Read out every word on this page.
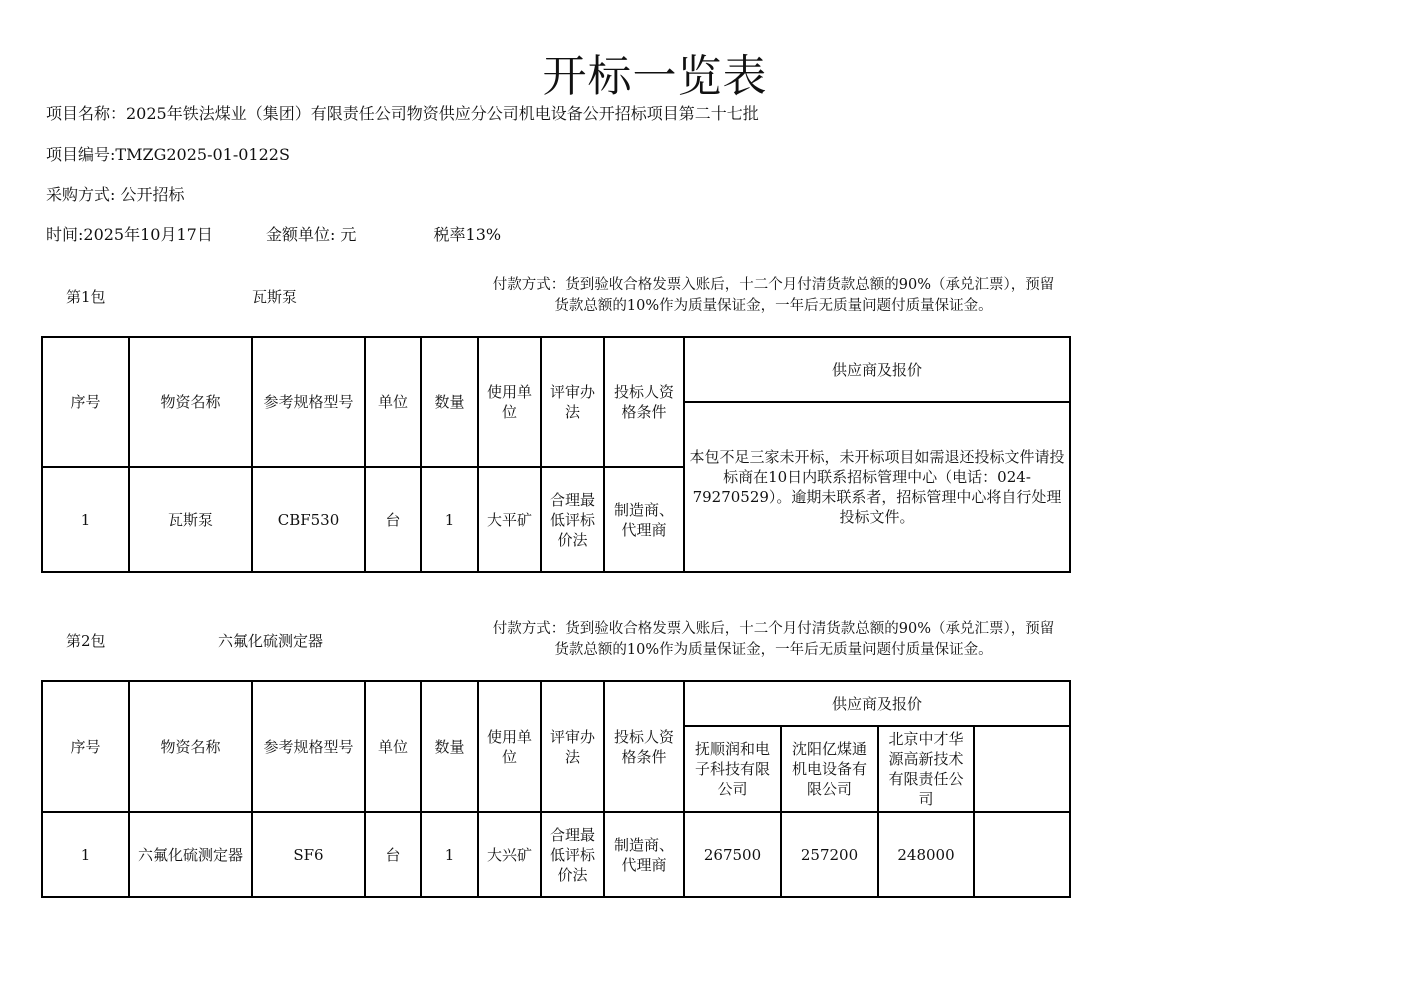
开标一览表
项目名称：2025年铁法煤业（集团）有限责任公司物资供应分公司机电设备公开招标项目第二十七批
项目编号:TMZG2025-01-0122S
采购方式: 公开招标
时间:2025年10月17日	金额单位: 元	税率13%
第1包	瓦斯泵
付款方式：货到验收合格发票入账后，十二个月付清货款总额的90%（承兑汇票），预留货款总额的10%作为质量保证金，一年后无质量问题付质量保证金。
序号	物资名称	参考规格型号	单位	数量	使用单位	评审办法	投标人资格条件	供应商及报价
								本包不足三家未开标，未开标项目如需退还投标文件请投标商在10日内联系招标管理中心（电话：024-79270529）。逾期未联系者，招标管理中心将自行处理投标文件。
1	瓦斯泵	CBF530	台	1	大平矿	合理最低评标价法	制造商、代理商	
第2包	六氟化硫测定器
付款方式：货到验收合格发票入账后，十二个月付清货款总额的90%（承兑汇票），预留货款总额的10%作为质量保证金，一年后无质量问题付质量保证金。
序号	物资名称	参考规格型号	单位	数量	使用单位	评审办法	投标人资格条件	供应商及报价			
								抚顺润和电子科技有限公司	沈阳亿煤通机电设备有限公司	北京中才华源高新技术有限责任公司	
1	六氟化硫测定器	SF6	台	1	大兴矿	合理最低评标价法	制造商、代理商	267500	257200	248000	
